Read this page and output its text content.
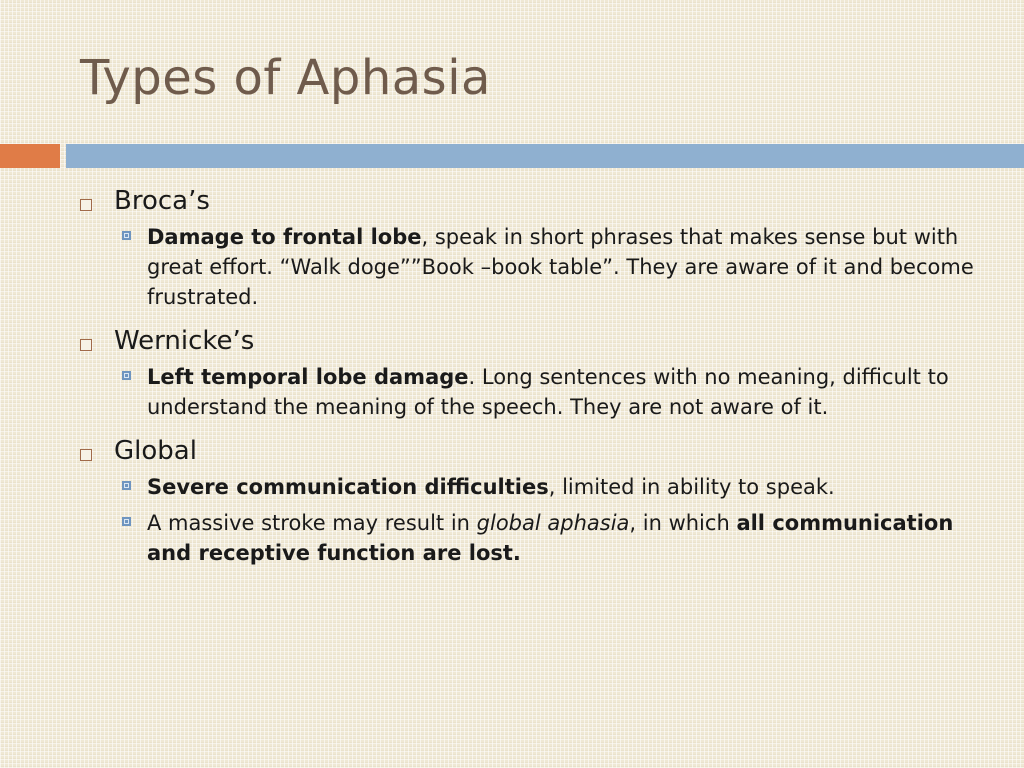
Types of Aphasia
Broca’s
Damage to frontal lobe, speak in short phrases that makes sense but with great effort. “Walk doge””Book –book table”. They are aware of it and become frustrated.
Wernicke’s
Left temporal lobe damage. Long sentences with no meaning, difficult to understand the meaning of the speech. They are not aware of it.
Global
Severe communication difficulties, limited in ability to speak.
A massive stroke may result in global aphasia, in which all communication and receptive function are lost.
